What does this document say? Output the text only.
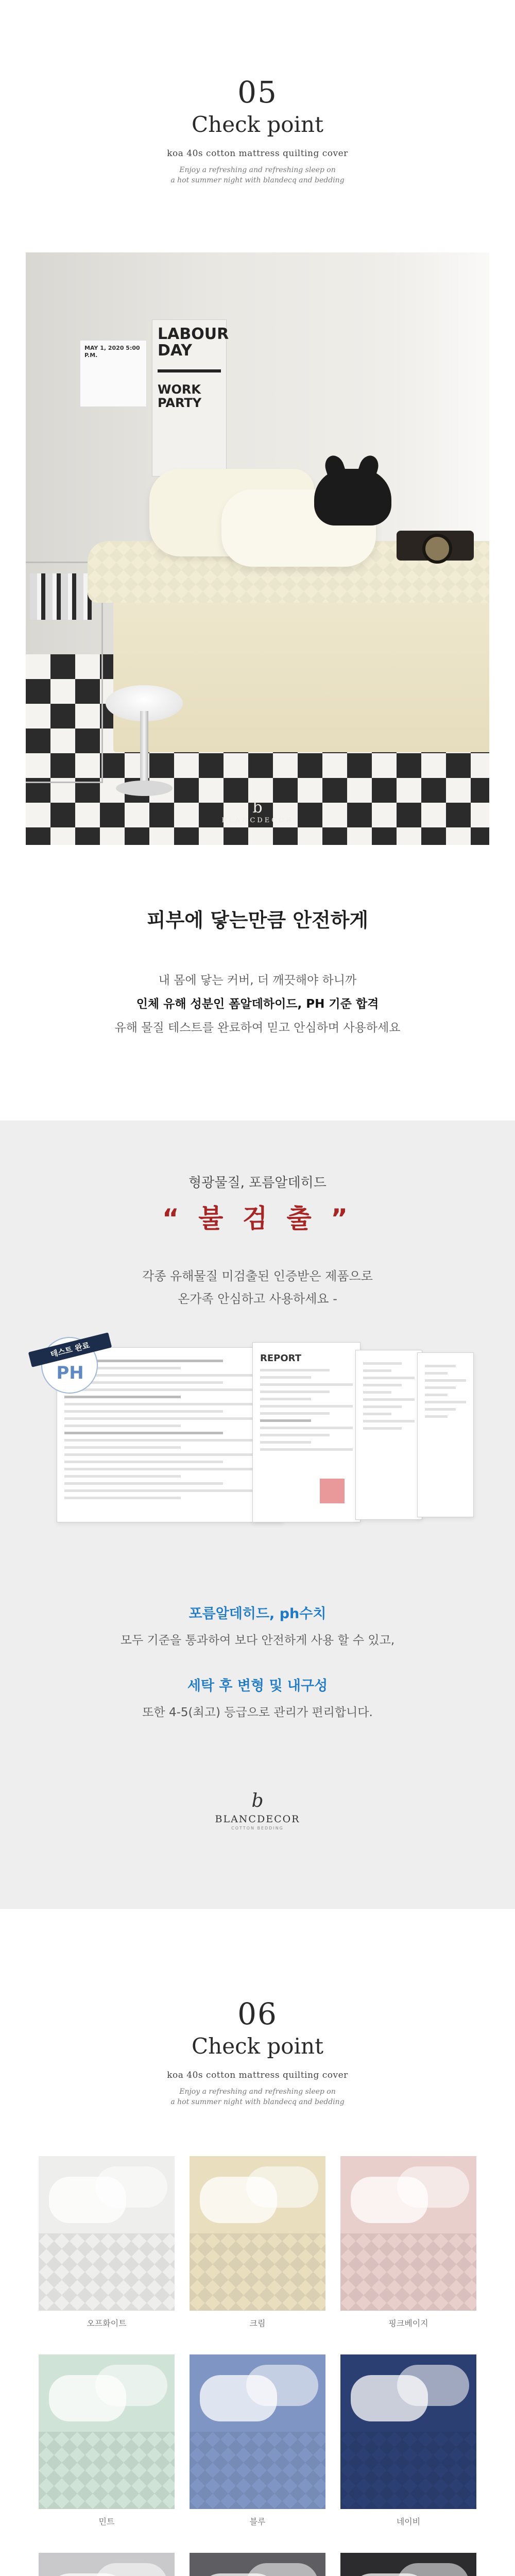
05
Check point
koa 40s cotton mattress quilting cover
Enjoy a refreshing and refreshing sleep on
a hot summer night with blandecq and bedding
MAY 1, 2020 5:00 P.M.
LABOUR DAY
WORK PARTY
b
BLANCDECOR
피부에 닿는만큼 안전하게
내 몸에 닿는 커버, 더 깨끗해야 하니까
인체 유해 성분인 폼알데하이드, PH 기준 합격
유해 물질 테스트를 완료하여 믿고 안심하며 사용하세요
형광물질, 포름알데히드
“ 불 검 출 ”
각종 유해물질 미검출된 인증받은 제품으로
온가족 안심하고 사용하세요 -
REPORT
테스트 완료
PH
포름알데히드, ph수치
모두 기준을 통과하여 보다 안전하게 사용 할 수 있고,
세탁 후 변형 및 내구성
또한 4-5(최고) 등급으로 관리가 편리합니다.
b
BLANCDECOR
COTTON BEDDING
06
Check point
koa 40s cotton mattress quilting cover
Enjoy a refreshing and refreshing sleep on
a hot summer night with blandecq and bedding
오프화이트	크림	핑크베이지
민트	블루	네이비
